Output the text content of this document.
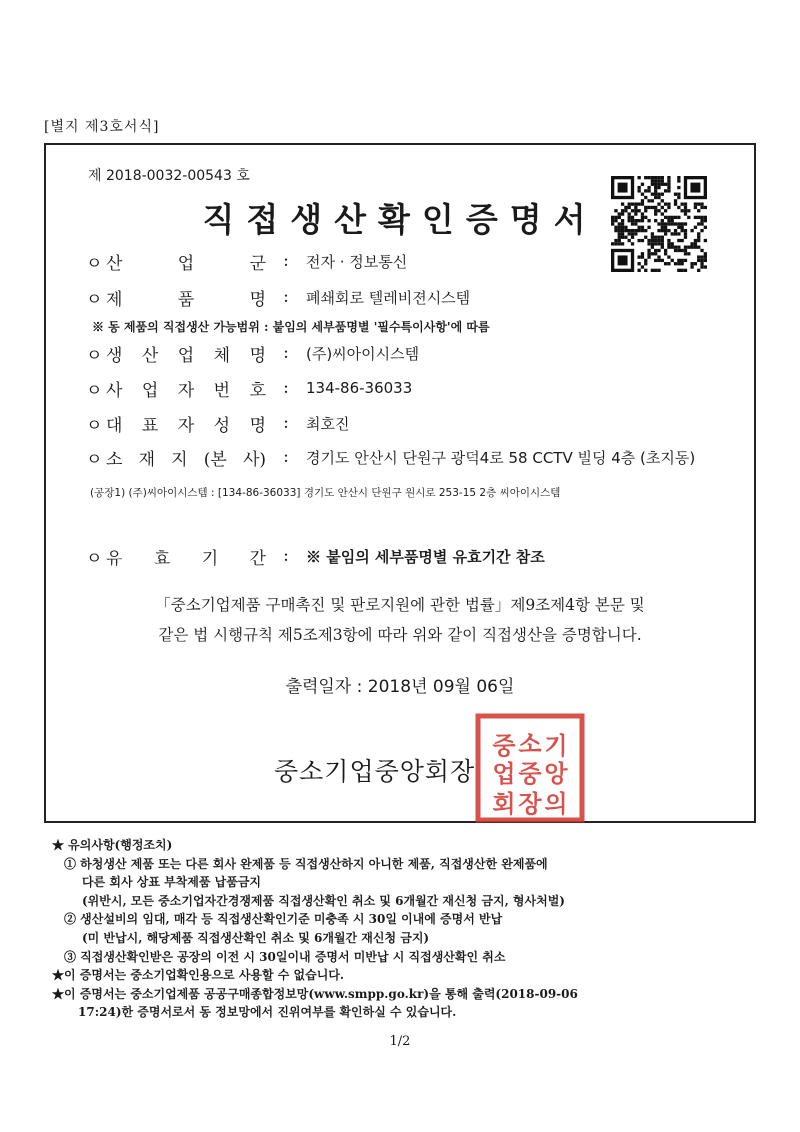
[별지 제3호서식]
제 2018-0032-00543 호
직접생산확인증명서
ㅇ 산	업	군	:	전자 · 정보통신
ㅇ 제	품	명	:	폐쇄회로 텔레비젼시스템
※ 동 제품의 직접생산 가능범위 : 붙임의 세부품명별 '필수특이사항'에 따름
ㅇ 생 산 업 체 명	:	(주)씨아이시스템
ㅇ 사 업 자 번 호	:	134-86-36033
ㅇ 대 표 자 성 명	:	최호진
ㅇ 소 재 지 (본 사)	:	경기도 안산시 단원구 광덕4로 58 CCTV 빌딩 4층 (초지동)
(공장1) (주)씨아이시스템 : [134-86-36033] 경기도 안산시 단원구 원시로 253-15 2층 씨아이시스템
ㅇ 유 효 기 간	:	※ 붙임의 세부품명별 유효기간 참조
「중소기업제품 구매촉진 및 판로지원에 관한 법률」제9조제4항 본문 및
같은 법 시행규칙 제5조제3항에 따라 위와 같이 직접생산을 증명합니다.
출력일자 : 2018년 09월 06일
중소기업중앙회장
중 소 기
업 중 앙
회 장 의
★ 유의사항(행정조치)
① 하청생산 제품 또는 다른 회사 완제품 등 직접생산하지 아니한 제품, 직접생산한 완제품에
다른 회사 상표 부착제품 납품금지
(위반시, 모든 중소기업자간경쟁제품 직접생산확인 취소 및 6개월간 재신청 금지, 형사처벌)
② 생산설비의 임대, 매각 등 직접생산확인기준 미충족 시 30일 이내에 증명서 반납
(미 반납시, 해당제품 직접생산확인 취소 및 6개월간 재신청 금지)
③ 직접생산확인받은 공장의 이전 시 30일이내 증명서 미반납 시 직접생산확인 취소
★이 증명서는 중소기업확인용으로 사용할 수 없습니다.
★이 증명서는 중소기업제품 공공구매종합정보망(www.smpp.go.kr)을 통해 출력(2018-09-06
17:24)한 증명서로서 동 정보망에서 진위여부를 확인하실 수 있습니다.
1/2
